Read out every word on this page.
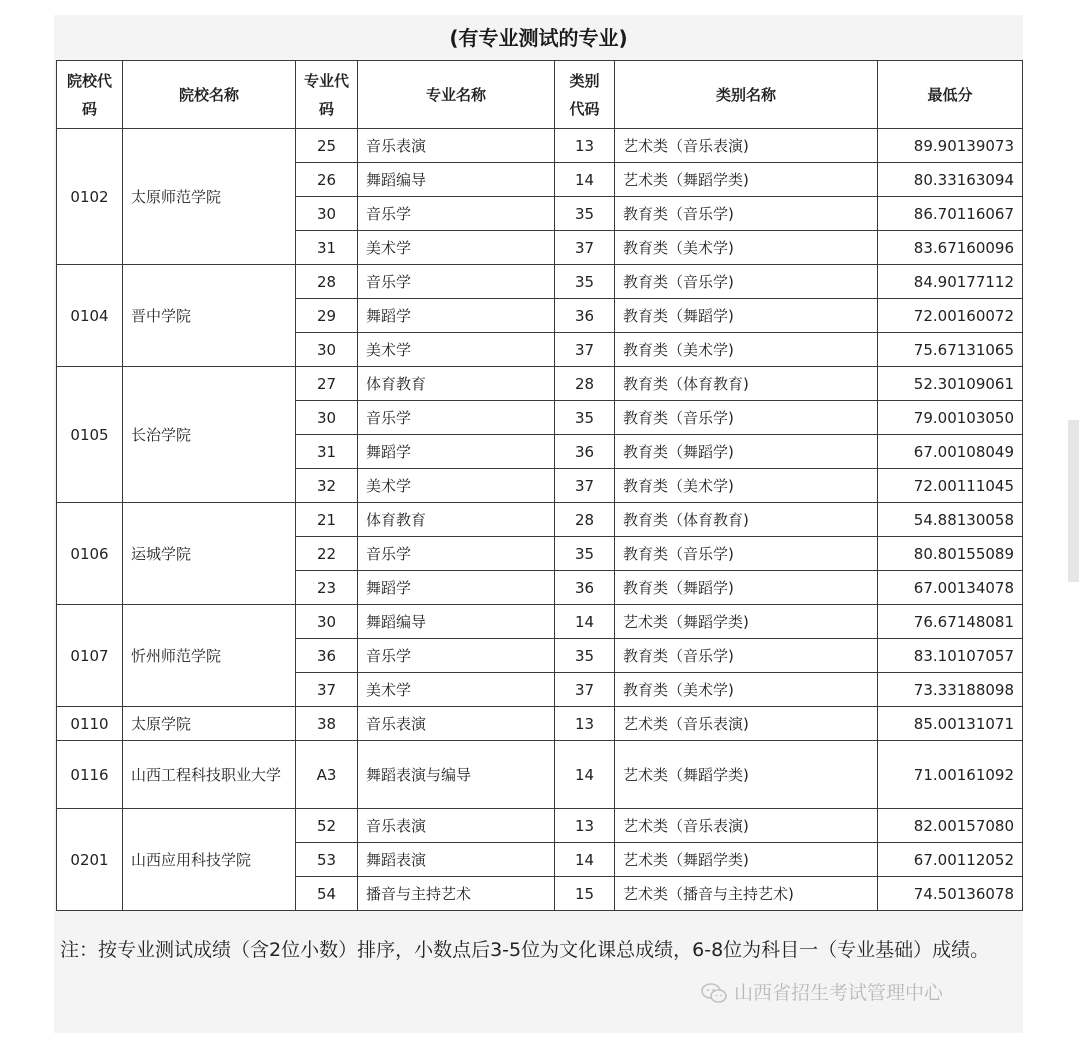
(有专业测试的专业)
院校代码	院校名称	专业代码	专业名称	类别代码	类别名称	最低分
0102	太原师范学院	25	音乐表演	13	艺术类（音乐表演)	89.90139073
		26	舞蹈编导	14	艺术类（舞蹈学类)	80.33163094
		30	音乐学	35	教育类（音乐学)	86.70116067
		31	美术学	37	教育类（美术学)	83.67160096
0104	晋中学院	28	音乐学	35	教育类（音乐学)	84.90177112
		29	舞蹈学	36	教育类（舞蹈学)	72.00160072
		30	美术学	37	教育类（美术学)	75.67131065
0105	长治学院	27	体育教育	28	教育类（体育教育)	52.30109061
		30	音乐学	35	教育类（音乐学)	79.00103050
		31	舞蹈学	36	教育类（舞蹈学)	67.00108049
		32	美术学	37	教育类（美术学)	72.00111045
0106	运城学院	21	体育教育	28	教育类（体育教育)	54.88130058
		22	音乐学	35	教育类（音乐学)	80.80155089
		23	舞蹈学	36	教育类（舞蹈学)	67.00134078
0107	忻州师范学院	30	舞蹈编导	14	艺术类（舞蹈学类)	76.67148081
		36	音乐学	35	教育类（音乐学)	83.10107057
		37	美术学	37	教育类（美术学)	73.33188098
0110	太原学院	38	音乐表演	13	艺术类（音乐表演)	85.00131071
0116	山西工程科技职业大学	A3	舞蹈表演与编导	14	艺术类（舞蹈学类)	71.00161092
0201	山西应用科技学院	52	音乐表演	13	艺术类（音乐表演)	82.00157080
		53	舞蹈表演	14	艺术类（舞蹈学类)	67.00112052
		54	播音与主持艺术	15	艺术类（播音与主持艺术)	74.50136078
注：按专业测试成绩（含2位小数）排序，小数点后3-5位为文化课总成绩，6-8位为科目一（专业基础）成绩。
山西省招生考试管理中心
